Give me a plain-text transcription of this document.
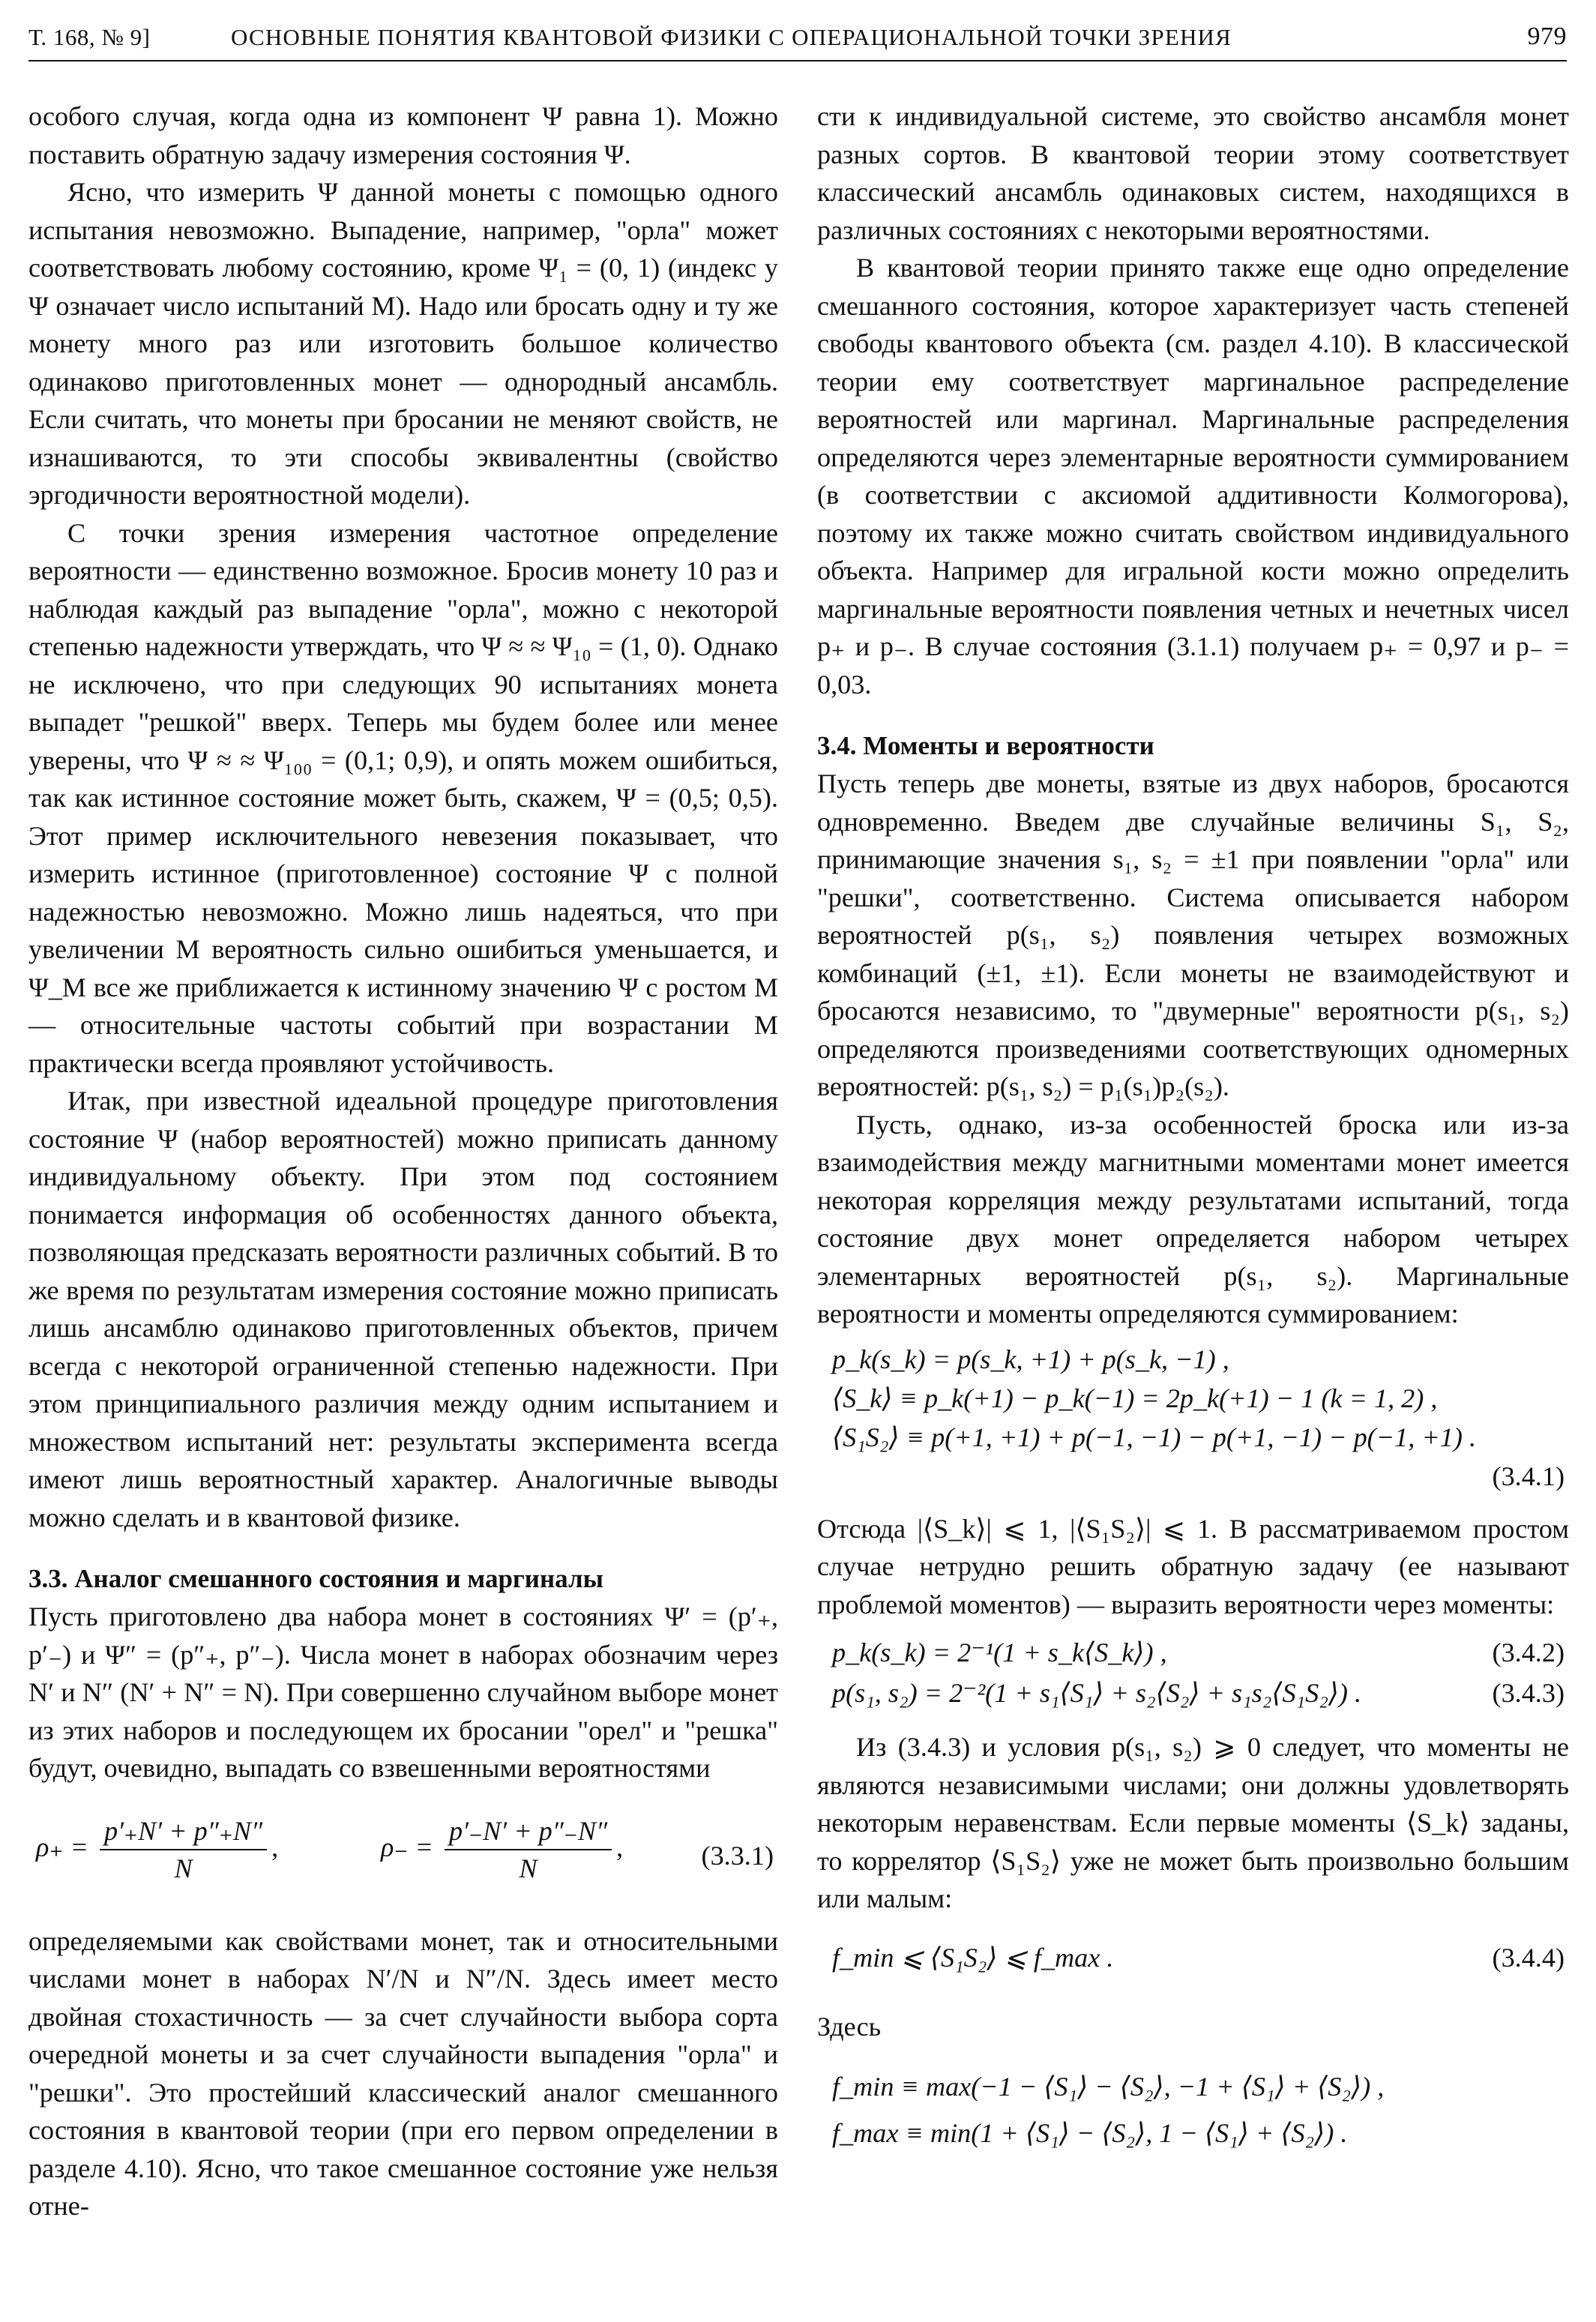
Т. 168, № 9]	ОСНОВНЫЕ ПОНЯТИЯ КВАНТОВОЙ ФИЗИКИ С ОПЕРАЦИОНАЛЬНОЙ ТОЧКИ ЗРЕНИЯ	979

особого случая, когда одна из компонент Ψ равна 1). Можно поставить обратную задачу измерения состояния Ψ.

Ясно, что измерить Ψ данной монеты с помощью одного испытания невозможно. Выпадение, например, "орла" может соответствовать любому состоянию, кроме Ψ₁ = (0, 1) (индекс у Ψ означает число испытаний M). Надо или бросать одну и ту же монету много раз или изготовить большое количество одинаково приготовленных монет — однородный ансамбль. Если считать, что монеты при бросании не меняют свойств, не изнашиваются, то эти способы эквивалентны (свойство эргодичности вероятностной модели).

С точки зрения измерения частотное определение вероятности — единственно возможное. Бросив монету 10 раз и наблюдая каждый раз выпадение "орла", можно с некоторой степенью надежности утверждать, что Ψ ≈ ≈ Ψ₁₀ = (1, 0). Однако не исключено, что при следующих 90 испытаниях монета выпадет "решкой" вверх. Теперь мы будем более или менее уверены, что Ψ ≈ ≈ Ψ₁₀₀ = (0,1; 0,9), и опять можем ошибиться, так как истинное состояние может быть, скажем, Ψ = (0,5; 0,5). Этот пример исключительного невезения показывает, что измерить истинное (приготовленное) состояние Ψ с полной надежностью невозможно. Можно лишь надеяться, что при увеличении M вероятность сильно ошибиться уменьшается, и Ψ_M все же приближается к истинному значению Ψ с ростом M — относительные частоты событий при возрастании M практически всегда проявляют устойчивость.

Итак, при известной идеальной процедуре приготовления состояние Ψ (набор вероятностей) можно приписать данному индивидуальному объекту. При этом под состоянием понимается информация об особенностях данного объекта, позволяющая предсказать вероятности различных событий. В то же время по результатам измерения состояние можно приписать лишь ансамблю одинаково приготовленных объектов, причем всегда с некоторой ограниченной степенью надежности. При этом принципиального различия между одним испытанием и множеством испытаний нет: результаты эксперимента всегда имеют лишь вероятностный характер. Аналогичные выводы можно сделать и в квантовой физике.

3.3. Аналог смешанного состояния и маргиналы

Пусть приготовлено два набора монет в состояниях Ψ′ = (p′₊, p′₋) и Ψ″ = (p″₊, p″₋). Числа монет в наборах обозначим через N′ и N″ (N′ + N″ = N). При совершенно случайном выборе монет из этих наборов и последующем их бросании "орел" и "решка" будут, очевидно, выпадать со взвешенными вероятностями

$\rho_+ = \frac{p'_+N' + p''_+N''}{N}$ ,	$\rho_- = \frac{p'_-N' + p''_-N''}{N}$ ,	(3.3.1)

определяемыми как свойствами монет, так и относительными числами монет в наборах N′/N и N″/N. Здесь имеет место двойная стохастичность — за счет случайности выбора сорта очередной монеты и за счет случайности выпадения "орла" и "решки". Это простейший классический аналог смешанного состояния в квантовой теории (при его первом определении в разделе 4.10). Ясно, что такое смешанное состояние уже нельзя отне-

сти к индивидуальной системе, это свойство ансамбля монет разных сортов. В квантовой теории этому соответствует классический ансамбль одинаковых систем, находящихся в различных состояниях с некоторыми вероятностями.

В квантовой теории принято также еще одно определение смешанного состояния, которое характеризует часть степеней свободы квантового объекта (см. раздел 4.10). В классической теории ему соответствует маргинальное распределение вероятностей или маргинал. Маргинальные распределения определяются через элементарные вероятности суммированием (в соответствии с аксиомой аддитивности Колмогорова), поэтому их также можно считать свойством индивидуального объекта. Например для игральной кости можно определить маргинальные вероятности появления четных и нечетных чисел p₊ и p₋. В случае состояния (3.1.1) получаем p₊ = 0,97 и p₋ = 0,03.

3.4. Моменты и вероятности

Пусть теперь две монеты, взятые из двух наборов, бросаются одновременно. Введем две случайные величины S₁, S₂, принимающие значения s₁, s₂ = ±1 при появлении "орла" или "решки", соответственно. Система описывается набором вероятностей p(s₁, s₂) появления четырех возможных комбинаций (±1, ±1). Если монеты не взаимодействуют и бросаются независимо, то "двумерные" вероятности p(s₁, s₂) определяются произведениями соответствующих одномерных вероятностей: p(s₁, s₂) = p₁(s₁)p₂(s₂).

Пусть, однако, из-за особенностей броска или из-за взаимодействия между магнитными моментами монет имеется некоторая корреляция между результатами испытаний, тогда состояние двух монет определяется набором четырех элементарных вероятностей p(s₁, s₂). Маргинальные вероятности и моменты определяются суммированием:

p_k(s_k) = p(s_k, +1) + p(s_k, −1) ,
⟨S_k⟩ ≡ p_k(+1) − p_k(−1) = 2p_k(+1) − 1 (k = 1, 2) ,
⟨S₁S₂⟩ ≡ p(+1, +1) + p(−1, −1) − p(+1, −1) − p(−1, +1) .
(3.4.1)

Отсюда |⟨S_k⟩| ⩽ 1, |⟨S₁S₂⟩| ⩽ 1. В рассматриваемом простом случае нетрудно решить обратную задачу (ее называют проблемой моментов) — выразить вероятности через моменты:

p_k(s_k) = 2⁻¹(1 + s_k⟨S_k⟩) ,	(3.4.2)
p(s₁, s₂) = 2⁻²(1 + s₁⟨S₁⟩ + s₂⟨S₂⟩ + s₁s₂⟨S₁S₂⟩) .	(3.4.3)

Из (3.4.3) и условия p(s₁, s₂) ⩾ 0 следует, что моменты не являются независимыми числами; они должны удовлетворять некоторым неравенствам. Если первые моменты ⟨S_k⟩ заданы, то коррелятор ⟨S₁S₂⟩ уже не может быть произвольно большим или малым:

f_min ⩽ ⟨S₁S₂⟩ ⩽ f_max .	(3.4.4)

Здесь

f_min ≡ max(−1 − ⟨S₁⟩ − ⟨S₂⟩, −1 + ⟨S₁⟩ + ⟨S₂⟩) ,
f_max ≡ min(1 + ⟨S₁⟩ − ⟨S₂⟩, 1 − ⟨S₁⟩ + ⟨S₂⟩) .
